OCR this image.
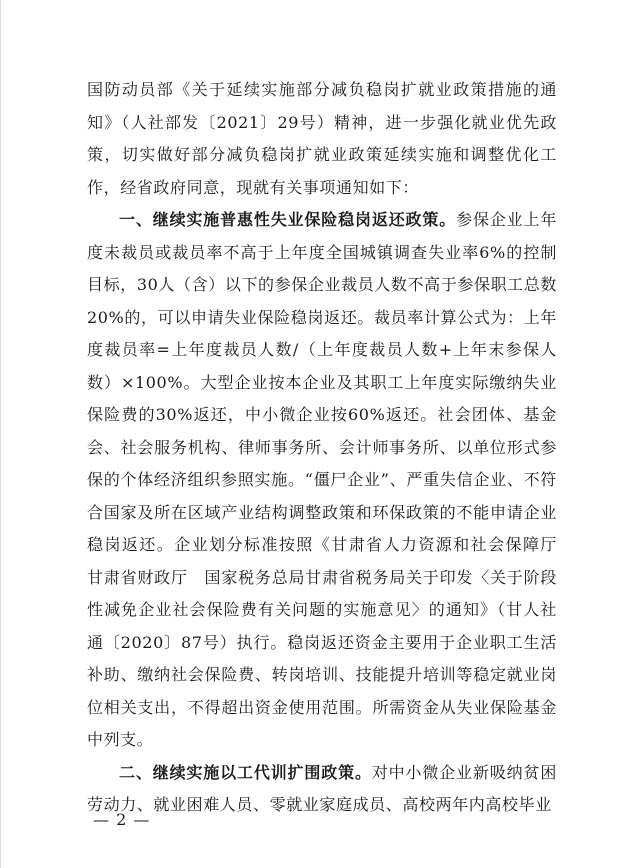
国防动员部《关于延续实施部分减负稳岗扩就业政策措施的通知》（人社部发〔2021〕29号）精神，进一步强化就业优先政策，切实做好部分减负稳岗扩就业政策延续实施和调整优化工作，经省政府同意，现就有关事项通知如下：

一、继续实施普惠性失业保险稳岗返还政策。参保企业上年度未裁员或裁员率不高于上年度全国城镇调查失业率6%的控制目标，30人（含）以下的参保企业裁员人数不高于参保职工总数20%的，可以申请失业保险稳岗返还。裁员率计算公式为：上年度裁员率=上年度裁员人数/（上年度裁员人数+上年末参保人数）×100%。大型企业按本企业及其职工上年度实际缴纳失业保险费的30%返还，中小微企业按60%返还。社会团体、基金会、社会服务机构、律师事务所、会计师事务所、以单位形式参保的个体经济组织参照实施。“僵尸企业”、严重失信企业、不符合国家及所在区域产业结构调整政策和环保政策的不能申请企业稳岗返还。企业划分标准按照《甘肃省人力资源和社会保障厅　甘肃省财政厅　国家税务总局甘肃省税务局关于印发〈关于阶段性减免企业社会保险费有关问题的实施意见〉的通知》（甘人社通〔2020〕87号）执行。稳岗返还资金主要用于企业职工生活补助、缴纳社会保险费、转岗培训、技能提升培训等稳定就业岗位相关支出，不得超出资金使用范围。所需资金从失业保险基金中列支。

二、继续实施以工代训扩围政策。对中小微企业新吸纳贫困劳动力、就业困难人员、零就业家庭成员、高校两年内高校毕业

— 2 —
